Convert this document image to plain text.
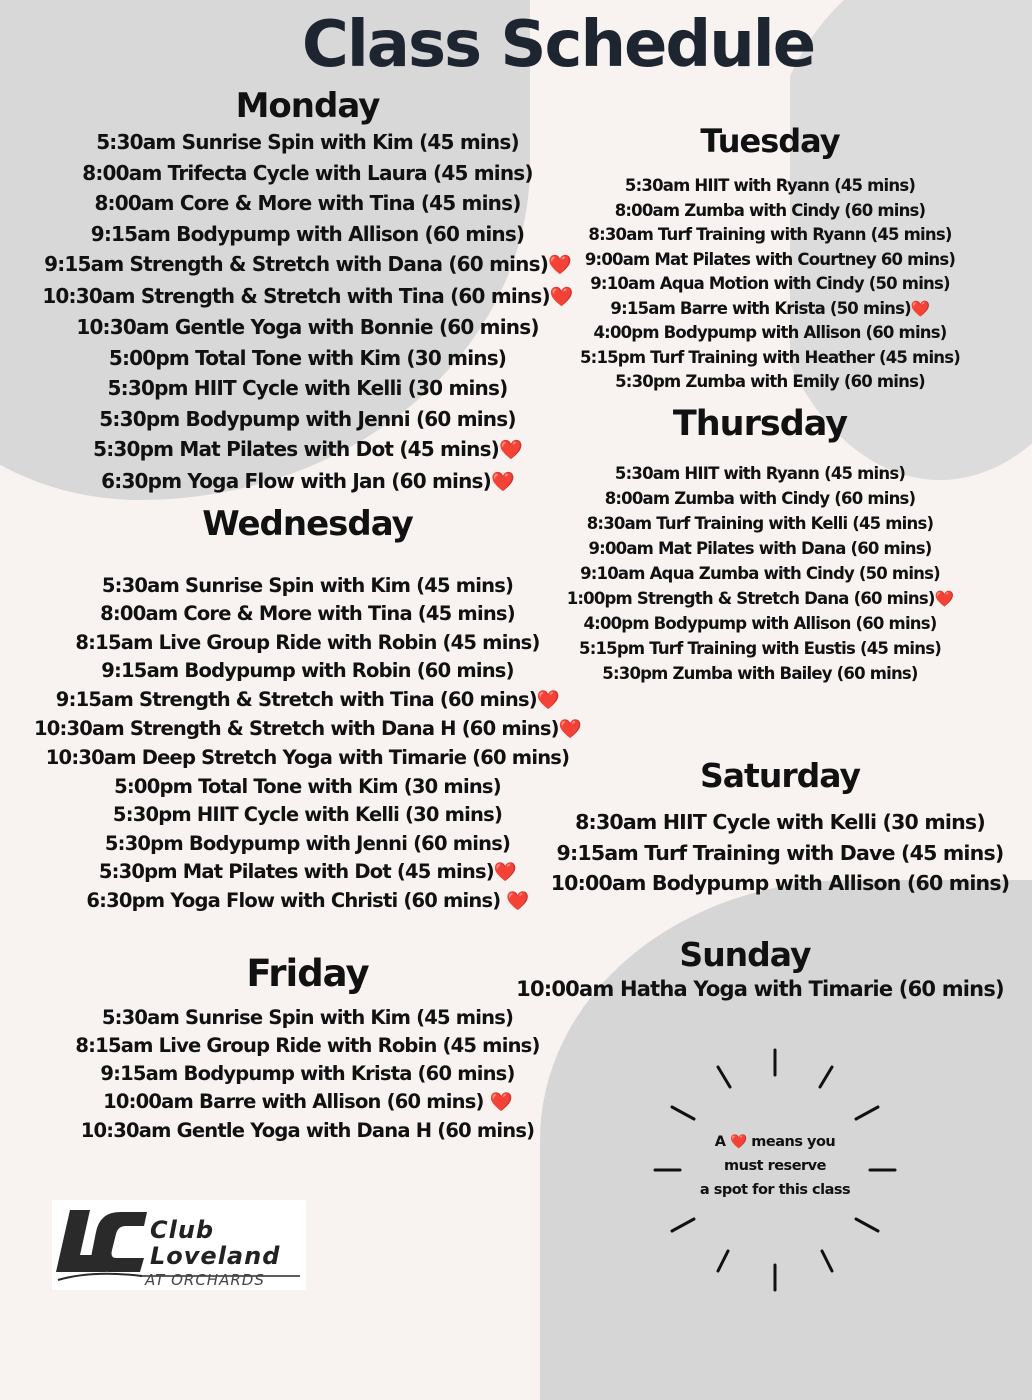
Class Schedule
Monday
5:30am Sunrise Spin with Kim (45 mins)
8:00am Trifecta Cycle with Laura (45 mins)
8:00am Core & More with Tina (45 mins)
9:15am Bodypump with Allison (60 mins)
9:15am Strength & Stretch with Dana (60 mins)❤️
10:30am Strength & Stretch with Tina (60 mins)❤️
10:30am Gentle Yoga with Bonnie (60 mins)
5:00pm Total Tone with Kim (30 mins)
5:30pm HIIT Cycle with Kelli (30 mins)
5:30pm Bodypump with Jenni (60 mins)
5:30pm Mat Pilates with Dot (45 mins)❤️
6:30pm Yoga Flow with Jan (60 mins)❤️
Wednesday
5:30am Sunrise Spin with Kim (45 mins)
8:00am Core & More with Tina (45 mins)
8:15am Live Group Ride with Robin (45 mins)
9:15am Bodypump with Robin (60 mins)
9:15am Strength & Stretch with Tina (60 mins)❤️
10:30am Strength & Stretch with Dana H (60 mins)❤️
10:30am Deep Stretch Yoga with Timarie (60 mins)
5:00pm Total Tone with Kim (30 mins)
5:30pm HIIT Cycle with Kelli (30 mins)
5:30pm Bodypump with Jenni (60 mins)
5:30pm Mat Pilates with Dot (45 mins)❤️
6:30pm Yoga Flow with Christi (60 mins) ❤️
Friday
5:30am Sunrise Spin with Kim (45 mins)
8:15am Live Group Ride with Robin (45 mins)
9:15am Bodypump with Krista (60 mins)
10:00am Barre with Allison (60 mins) ❤️
10:30am Gentle Yoga with Dana H (60 mins)
Tuesday
5:30am HIIT with Ryann (45 mins)
8:00am Zumba with Cindy (60 mins)
8:30am Turf Training with Ryann (45 mins)
9:00am Mat Pilates with Courtney 60 mins)
9:10am Aqua Motion with Cindy (50 mins)
9:15am Barre with Krista (50 mins)❤️
4:00pm Bodypump with Allison (60 mins)
5:15pm Turf Training with Heather (45 mins)
5:30pm Zumba with Emily (60 mins)
Thursday
5:30am HIIT with Ryann (45 mins)
8:00am Zumba with Cindy (60 mins)
8:30am Turf Training with Kelli (45 mins)
9:00am Mat Pilates with Dana (60 mins)
9:10am Aqua Zumba with Cindy (50 mins)
1:00pm Strength & Stretch Dana (60 mins)❤️
4:00pm Bodypump with Allison (60 mins)
5:15pm Turf Training with Eustis (45 mins)
5:30pm Zumba with Bailey (60 mins)
Saturday
8:30am HIIT Cycle with Kelli (30 mins)
9:15am Turf Training with Dave (45 mins)
10:00am Bodypump with Allison (60 mins)
Sunday
10:00am Hatha Yoga with Timarie (60 mins)
A ❤️ means you
must reserve
a spot for this class
Club
Loveland
AT ORCHARDS
